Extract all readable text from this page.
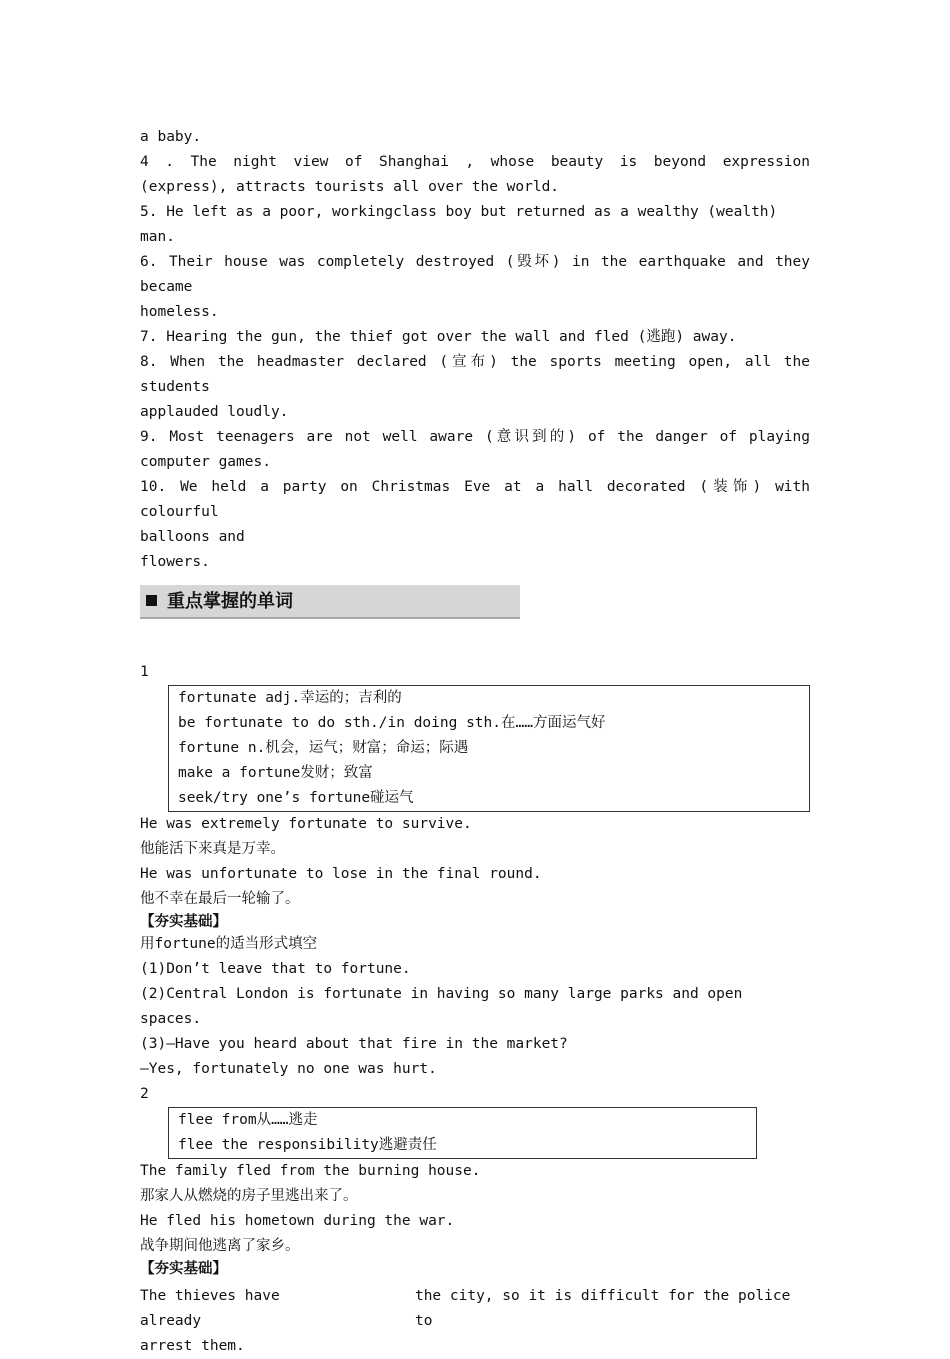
a baby.
4 . The night view of Shanghai , whose beauty is beyond expression
(express), attracts tourists all over the world.
5. He left as a poor, workingclass boy but returned as a wealthy (wealth) man.
6. Their house was completely destroyed (毁坏) in the earthquake and they became
homeless.
7. Hearing the gun, the thief got over the wall and fled (逃跑) away.
8. When the headmaster declared (宣布) the sports meeting open, all the students
applauded loudly.
9. Most teenagers are not well aware (意识到的) of the danger of playing
computer games.
10. We held a party on Christmas Eve at a hall decorated (装饰) with colourful
balloons and
flowers.
重点掌握的单词
1
fortunate adj.幸运的；吉利的
be fortunate to do sth./in doing sth.在……方面运气好
fortune n.机会，运气；财富；命运；际遇
make a fortune发财；致富
seek/try one’s fortune碰运气
He was extremely fortunate to survive.
他能活下来真是万幸。
He was unfortunate to lose in the final round.
他不幸在最后一轮输了。
【夯实基础】
用fortune的适当形式填空
(1)Don’t leave that to fortune.
(2)Central London is fortunate in having so many large parks and open spaces.
(3)—Have you heard about that fire in the market?
—Yes, fortunately no one was hurt.
2
flee from从……逃走
flee the responsibility逃避责任
The family fled from the burning house.
那家人从燃烧的房子里逃出来了。
He fled his hometown during the war.
战争期间他逃离了家乡。
【夯实基础】
The thieves have already
the city, so it is difficult for the police to
arrest them.
